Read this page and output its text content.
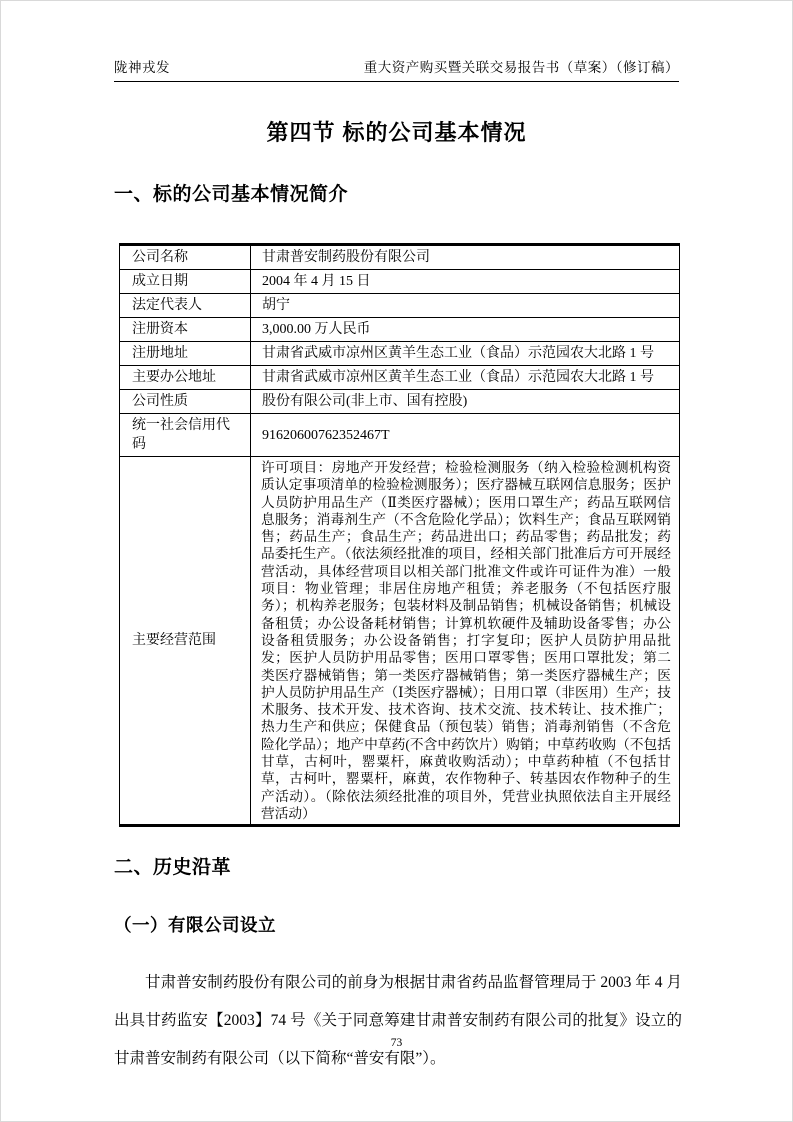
陇神戎发	重大资产购买暨关联交易报告书（草案）（修订稿）
第四节 标的公司基本情况
一、标的公司基本情况简介
公司名称	甘肃普安制药股份有限公司
成立日期	2004 年 4 月 15 日
法定代表人	胡宁
注册资本	3,000.00 万人民币
注册地址	甘肃省武威市凉州区黄羊生态工业（食品）示范园农大北路 1 号
主要办公地址	甘肃省武威市凉州区黄羊生态工业（食品）示范园农大北路 1 号
公司性质	股份有限公司(非上市、国有控股)
统一社会信用代码	91620600762352467T
主要经营范围	许可项目：房地产开发经营；检验检测服务（纳入检验检测机构资质认定事项清单的检验检测服务）；医疗器械互联网信息服务；医护人员防护用品生产（Ⅱ类医疗器械）；医用口罩生产；药品互联网信息服务；消毒剂生产（不含危险化学品）；饮料生产；食品互联网销售；药品生产；食品生产；药品进出口；药品零售；药品批发；药品委托生产。（依法须经批准的项目，经相关部门批准后方可开展经营活动，具体经营项目以相关部门批准文件或许可证件为准）一般项目：物业管理；非居住房地产租赁；养老服务（不包括医疗服务）；机构养老服务；包装材料及制品销售；机械设备销售；机械设备租赁；办公设备耗材销售；计算机软硬件及辅助设备零售；办公设备租赁服务；办公设备销售；打字复印；医护人员防护用品批发；医护人员防护用品零售；医用口罩零售；医用口罩批发；第二类医疗器械销售；第一类医疗器械销售；第一类医疗器械生产；医护人员防护用品生产（Ⅰ类医疗器械）；日用口罩（非医用）生产；技术服务、技术开发、技术咨询、技术交流、技术转让、技术推广；热力生产和供应；保健食品（预包装）销售；消毒剂销售（不含危险化学品）；地产中草药(不含中药饮片）购销；中草药收购（不包括甘草，古柯叶，罂粟杆，麻黄收购活动）；中草药种植（不包括甘草，古柯叶，罂粟杆，麻黄，农作物种子、转基因农作物种子的生产活动）。（除依法须经批准的项目外，凭营业执照依法自主开展经营活动）
二、历史沿革
（一）有限公司设立

甘肃普安制药股份有限公司的前身为根据甘肃省药品监督管理局于 2003 年 4 月出具甘药监安【2003】74 号《关于同意筹建甘肃普安制药有限公司的批复》设立的甘肃普安制药有限公司（以下简称“普安有限”）。

73
